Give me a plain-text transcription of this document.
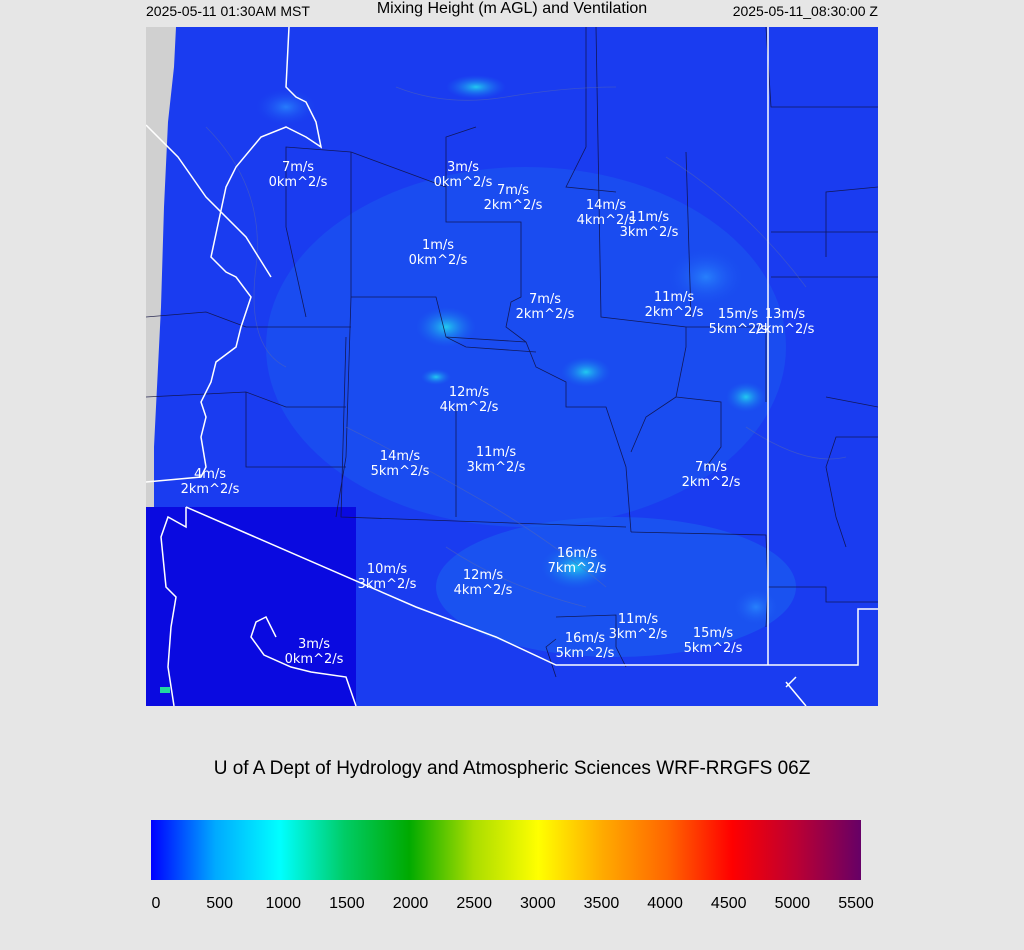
2025-05-11 01:30AM MST	Mixing Height (m AGL) and Ventilation	2025-05-11_08:30:00 Z
7m/s
0km^2/s
3m/s
0km^2/s
7m/s
2km^2/s	14m/s
4km^2/s
11m/s
3km^2/s
1m/s
0km^2/s
7m/s
2km^2/s
11m/s
2km^2/s	15m/s
5km^2/s
13m/s
2km^2/s
12m/s
4km^2/s
14m/s
5km^2/s
11m/s
3km^2/s
4m/s
2km^2/s
7m/s
2km^2/s
16m/s
7km^2/s
10m/s
3km^2/s
12m/s
4km^2/s
11m/s
3km^2/s
16m/s
5km^2/s
15m/s
5km^2/s
3m/s
0km^2/s
U of A Dept of Hydrology and Atmospheric Sciences WRF-RRGFS 06Z
0	500 1000 1500 2000 2500 3000 3500 4000 4500 5000 5500
